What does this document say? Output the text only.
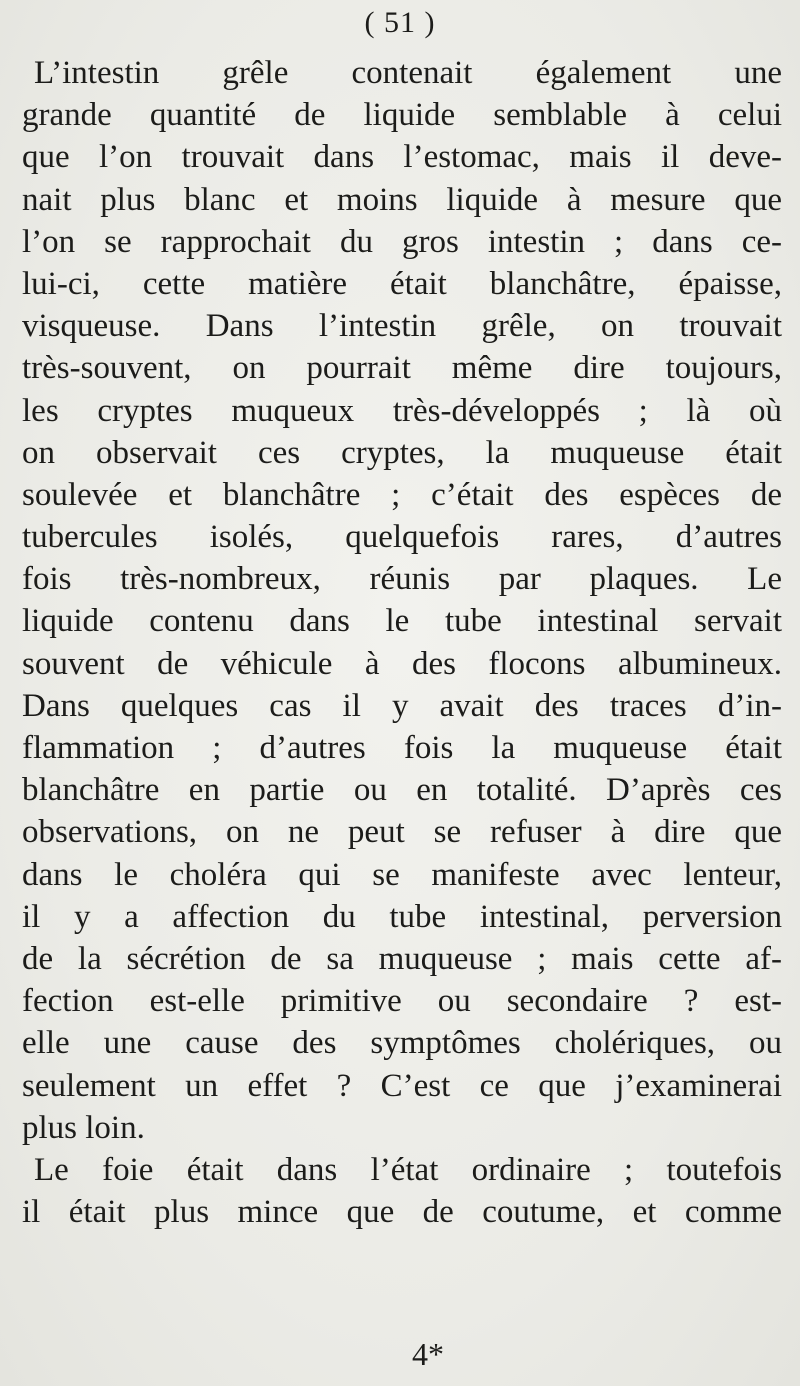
( 51 )
L’intestin grêle contenait également une
grande quantité de liquide semblable à celui
que l’on trouvait dans l’estomac, mais il deve-
nait plus blanc et moins liquide à mesure que
l’on se rapprochait du gros intestin ; dans ce-
lui-ci, cette matière était blanchâtre, épaisse,
visqueuse. Dans l’intestin grêle, on trouvait
très-souvent, on pourrait même dire toujours,
les cryptes muqueux très-développés ; là où
on observait ces cryptes, la muqueuse était
soulevée et blanchâtre ; c’était des espèces de
tubercules isolés, quelquefois rares, d’autres
fois très-nombreux, réunis par plaques. Le
liquide contenu dans le tube intestinal servait
souvent de véhicule à des flocons albumineux.
Dans quelques cas il y avait des traces d’in-
flammation ; d’autres fois la muqueuse était
blanchâtre en partie ou en totalité. D’après ces
observations, on ne peut se refuser à dire que
dans le choléra qui se manifeste avec lenteur,
il y a affection du tube intestinal, perversion
de la sécrétion de sa muqueuse ; mais cette af-
fection est-elle primitive ou secondaire ? est-
elle une cause des symptômes cholériques, ou
seulement un effet ? C’est ce que j’examinerai
plus loin.
Le foie était dans l’état ordinaire ; toutefois
il était plus mince que de coutume, et comme
4*
